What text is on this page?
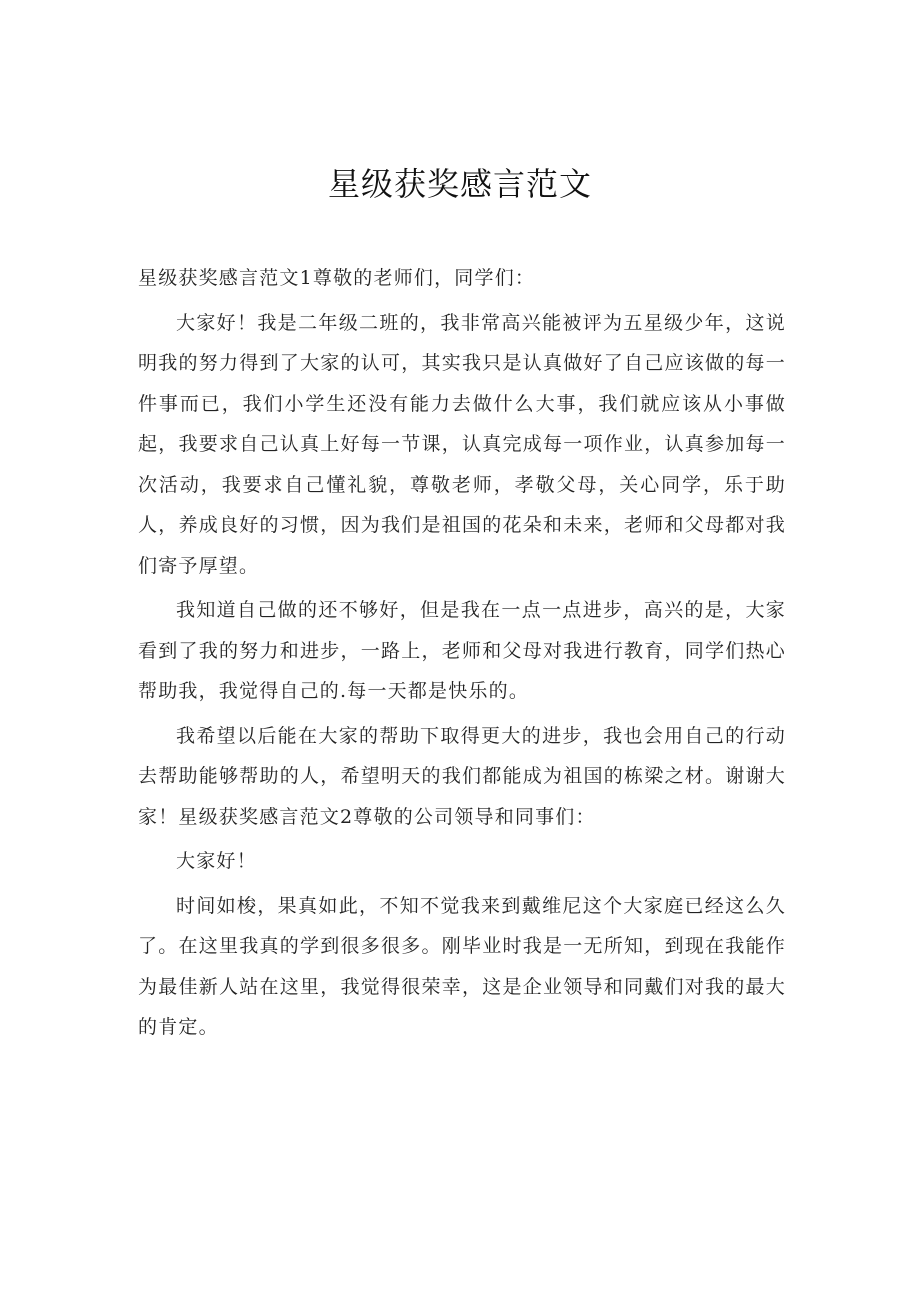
星级获奖感言范文

星级获奖感言范文1尊敬的老师们，同学们：

大家好！我是二年级二班的，我非常高兴能被评为五星级少年，这说明我的努力得到了大家的认可，其实我只是认真做好了自己应该做的每一件事而已，我们小学生还没有能力去做什么大事，我们就应该从小事做起，我要求自己认真上好每一节课，认真完成每一项作业，认真参加每一次活动，我要求自己懂礼貌，尊敬老师，孝敬父母，关心同学，乐于助人，养成良好的习惯，因为我们是祖国的花朵和未来，老师和父母都对我们寄予厚望。

我知道自己做的还不够好，但是我在一点一点进步，高兴的是，大家看到了我的努力和进步，一路上，老师和父母对我进行教育，同学们热心帮助我，我觉得自己的.每一天都是快乐的。

我希望以后能在大家的帮助下取得更大的进步，我也会用自己的行动去帮助能够帮助的人，希望明天的我们都能成为祖国的栋梁之材。谢谢大家！星级获奖感言范文2尊敬的公司领导和同事们：

大家好！

时间如梭，果真如此，不知不觉我来到戴维尼这个大家庭已经这么久了。在这里我真的学到很多很多。刚毕业时我是一无所知，到现在我能作为最佳新人站在这里，我觉得很荣幸，这是企业领导和同戴们对我的最大的肯定。
